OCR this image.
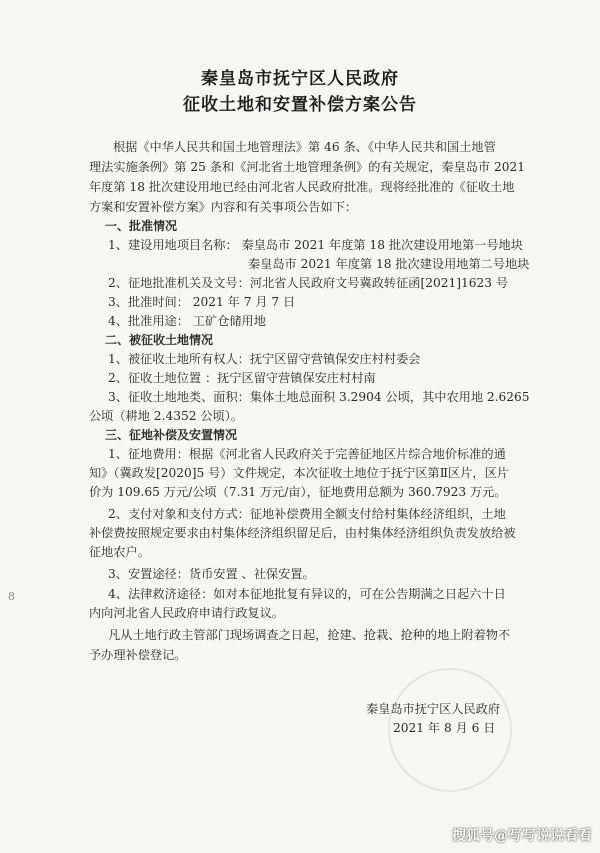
秦皇岛市抚宁区人民政府
征收土地和安置补偿方案公告
根据《中华人民共和国土地管理法》第 46 条、《中华人民共和国土地管
理法实施条例》第 25 条和《河北省土地管理条例》的有关规定，秦皇岛市 2021
年度第 18 批次建设用地已经由河北省人民政府批准。现将经批准的《征收土地
方案和安置补偿方案》内容和有关事项公告如下：
一、批准情况
1、建设用地项目名称： 秦皇岛市 2021 年度第 18 批次建设用地第一号地块
秦皇岛市 2021 年度第 18 批次建设用地第二号地块
2、征地批准机关及文号：河北省人民政府文号冀政转征函[2021]1623 号
3、批准时间： 2021 年 7 月 7 日
4、批准用途： 工矿仓储用地
二、被征收土地情况
1、被征收土地所有权人：抚宁区留守营镇保安庄村村委会
2、征收土地位置 ：抚宁区留守营镇保安庄村村南
3、征收土地地类、面积：集体土地总面积 3.2904 公顷，其中农用地 2.6265
公顷（耕地 2.4352 公顷）。
三、征地补偿及安置情况
1、征地费用：根据《河北省人民政府关于完善征地区片综合地价标准的通
知》（冀政发[2020]5 号）文件规定，本次征收土地位于抚宁区第Ⅱ区片，区片
价为 109.65 万元/公顷（7.31 万元/亩），征地费用总额为 360.7923 万元。
2、支付对象和支付方式：征地补偿费用全额支付给村集体经济组织，土地
补偿费按照规定要求由村集体经济组织留足后，由村集体经济组织负责发放给被
征地农户。
3、安置途径：货币安置 、社保安置。
4、法律救济途径：如对本征地批复有异议的，可在公告期满之日起六十日
内向河北省人民政府申请行政复议。
凡从土地行政主管部门现场调查之日起，抢建、抢栽、抢种的地上附着物不
予办理补偿登记。
8
秦皇岛市抚宁区人民政府
2021 年 8 月 6 日
搜狐号@写写说说看看
